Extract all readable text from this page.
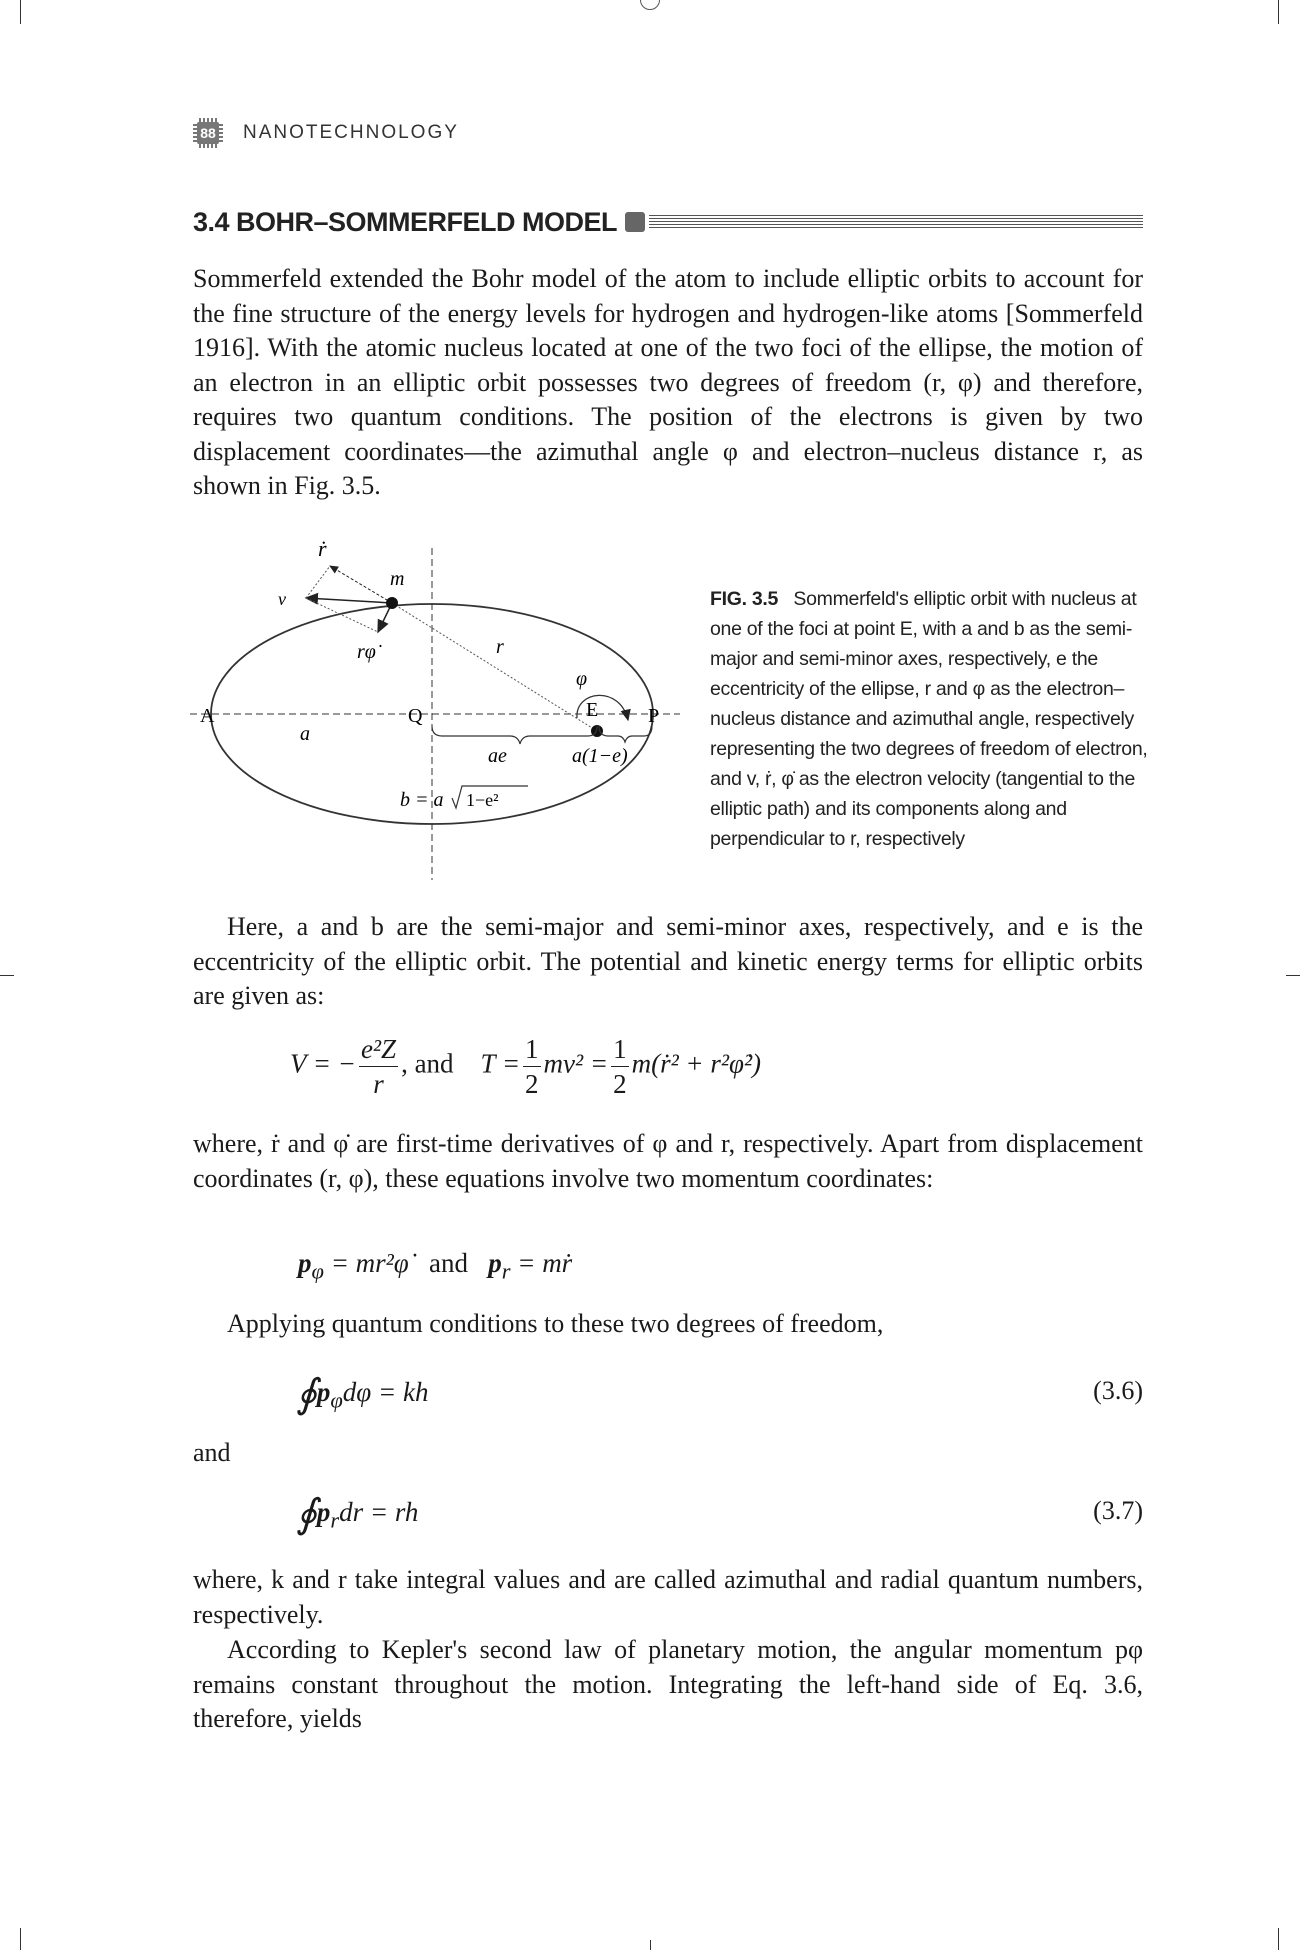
88 NANOTECHNOLOGY
3.4 BOHR–SOMMERFELD MODEL

Sommerfeld extended the Bohr model of the atom to include elliptic orbits to account for the fine structure of the energy levels for hydrogen and hydrogen-like atoms [Sommerfeld 1916]. With the atomic nucleus located at one of the two foci of the ellipse, the motion of an electron in an elliptic orbit possesses two degrees of freedom (r, φ) and therefore, requires two quantum conditions. The position of the electrons is given by two displacement coordinates—the azimuthal angle φ and electron–nucleus distance r, as shown in Fig. 3.5.

ṙ
v
m
rφ̇	r
φ
A	Q	E P
a
ae	a(1−e)
b = a 1−e²

FIG. 3.5 Sommerfeld's elliptic orbit with nucleus at one of the foci at point E, with a and b as the semi-major and semi-minor axes, respectively, e the eccentricity of the ellipse, r and φ as the electron–nucleus distance and azimuthal angle, respectively representing the two degrees of freedom of electron, and v, ṙ, φ̇ as the electron velocity (tangential to the elliptic path) and its components along and perpendicular to r, respectively

Here, a and b are the semi-major and semi-minor axes, respectively, and e is the eccentricity of the elliptic orbit. The potential and kinetic energy terms for elliptic orbits are given as:

V = − $\frac{\text{e²Z}}{r}$ , and $T = \frac{1}{2} mv^2 = \frac{1}{2}$ m(ṙ² + r²φ̇²)

where, ṙ and φ̇ are first-time derivatives of φ and r, respectively. Apart from displacement coordinates (r, φ), these equations involve two momentum coordinates:

$p_\varphi$ = mr²φ̇ and $p_r$ = mṙ

Applying quantum conditions to these two degrees of freedom,

$∮p_\varphi d\varphi$ = kh	(3.6)

and

$∮p_rdr$ = rh	(3.7)

where, k and r take integral values and are called azimuthal and radial quantum numbers, respectively.

According to Kepler's second law of planetary motion, the angular momentum pφ remains constant throughout the motion. Integrating the left-hand side of Eq. 3.6, therefore, yields
